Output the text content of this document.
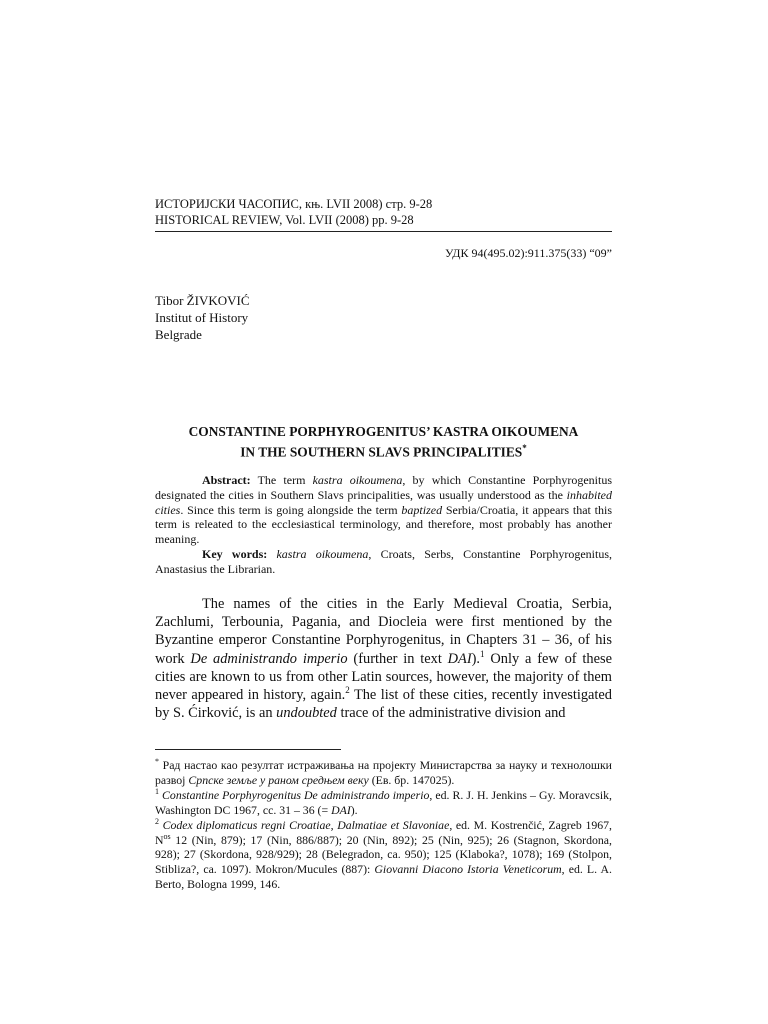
ИСТОРИЈСКИ ЧАСОПИС, књ. LVII 2008) стр. 9-28
HISTORICAL REVIEW, Vol. LVII (2008) pp. 9-28
УДК 94(495.02):911.375(33) “09”
Tibor ŽIVKOVIĆ
Institut of History
Belgrade
CONSTANTINE PORPHYROGENITUS’ KASTRA OIKOUMENA
IN THE SOUTHERN SLAVS PRINCIPALITIES*

Abstract: The term kastra oikoumena, by which Constantine Porphyrogenitus designated the cities in Southern Slavs principalities, was usually understood as the inhabited cities. Since this term is going alongside the term baptized Serbia/Croatia, it appears that this term is releated to the ecclesiastical terminology, and therefore, most probably has another meaning.

Key words: kastra oikoumena, Croats, Serbs, Constantine Porphyrogenitus, Anastasius the Librarian.

The names of the cities in the Early Medieval Croatia, Serbia, Zachlumi, Terbounia, Pagania, and Diocleia were first mentioned by the Byzantine emperor Constantine Porphyrogenitus, in Chapters 31 – 36, of his work De administrando imperio (further in text DAI).$^1$ Only a few of these cities are known to us from other Latin sources, however, the majority of them never appeared in history, again.$^2$ The list of these cities, recently investigated by S. Ćirković, is an undoubted trace of the administrative division and

* Рад настао као резултат истраживања на пројекту Министарства за науку и технолошки развој Српске земље у раном средњем веку (Ев. бр. 147025).

$^1$ Constantine Porphyrogenitus De administrando imperio, ed. R. J. H. Jenkins – Gy. Moravcsik, Washington DC 1967, cc. 31 – 36 (= DAI).

$^2$ Codex diplomaticus regni Croatiae, Dalmatiae et Slavoniae, ed. M. Kostrenčić, Zagreb 1967, $N^{os}$ 12 (Nin, 879); 17 (Nin, 886/887); 20 (Nin, 892); 25 (Nin, 925); 26 (Stagnon, Skordona, 928); 27 (Skordona, 928/929); 28 (Belegradon, ca. 950); 125 (Klaboka?, 1078); 169 (Stolpon, Stibliza?, ca. 1097). Mokron/Mucules (887): Giovanni Diacono Istoria Veneticorum, ed. L. A. Berto, Bologna 1999, 146.
